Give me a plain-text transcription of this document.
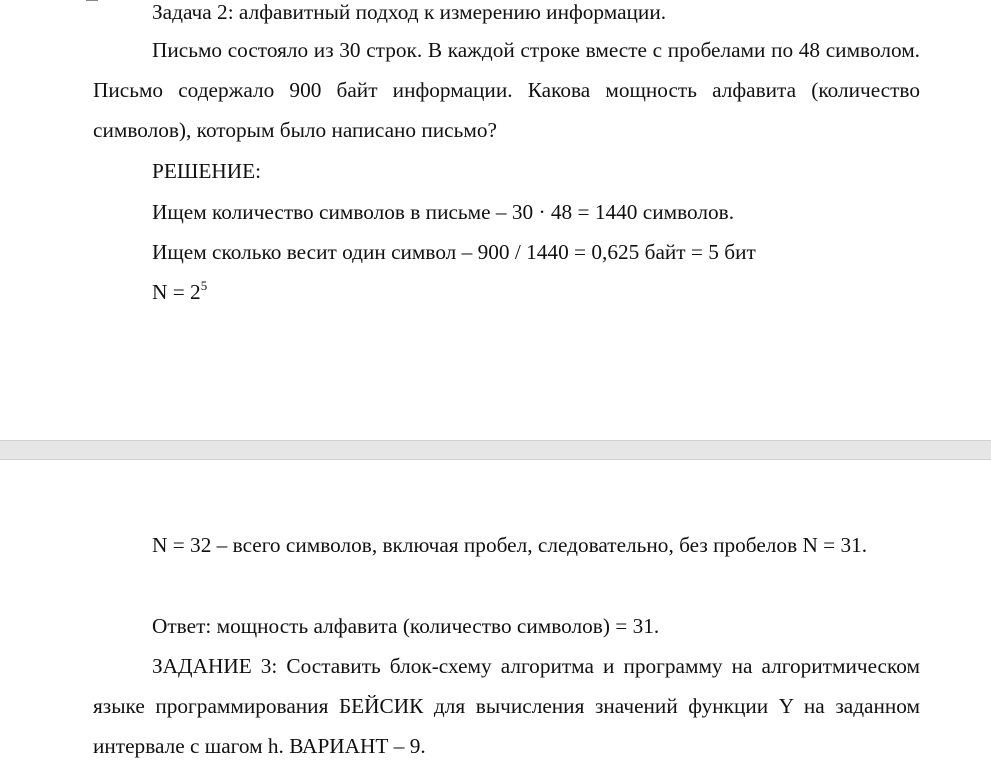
Задача 2: алфавитный подход к измерению информации.

Письмо состояло из 30 строк. В каждой строке вместе с пробелами по 48 символом. Письмо содержало 900 байт информации. Какова мощность алфавита (количество символов), которым было написано письмо?

РЕШЕНИЕ:

Ищем количество символов в письме – 30 · 48 = 1440 символов.

Ищем сколько весит один символ – 900 / 1440 = 0,625 байт = 5 бит

$N = 2^5$

N = 32 – всего символов, включая пробел, следовательно, без пробелов N = 31.

Ответ: мощность алфавита (количество символов) = 31.

ЗАДАНИЕ 3: Составить блок-схему алгоритма и программу на алгоритмическом языке программирования БЕЙСИК для вычисления значений функции Y на заданном интервале с шагом h. ВАРИАНТ – 9.
